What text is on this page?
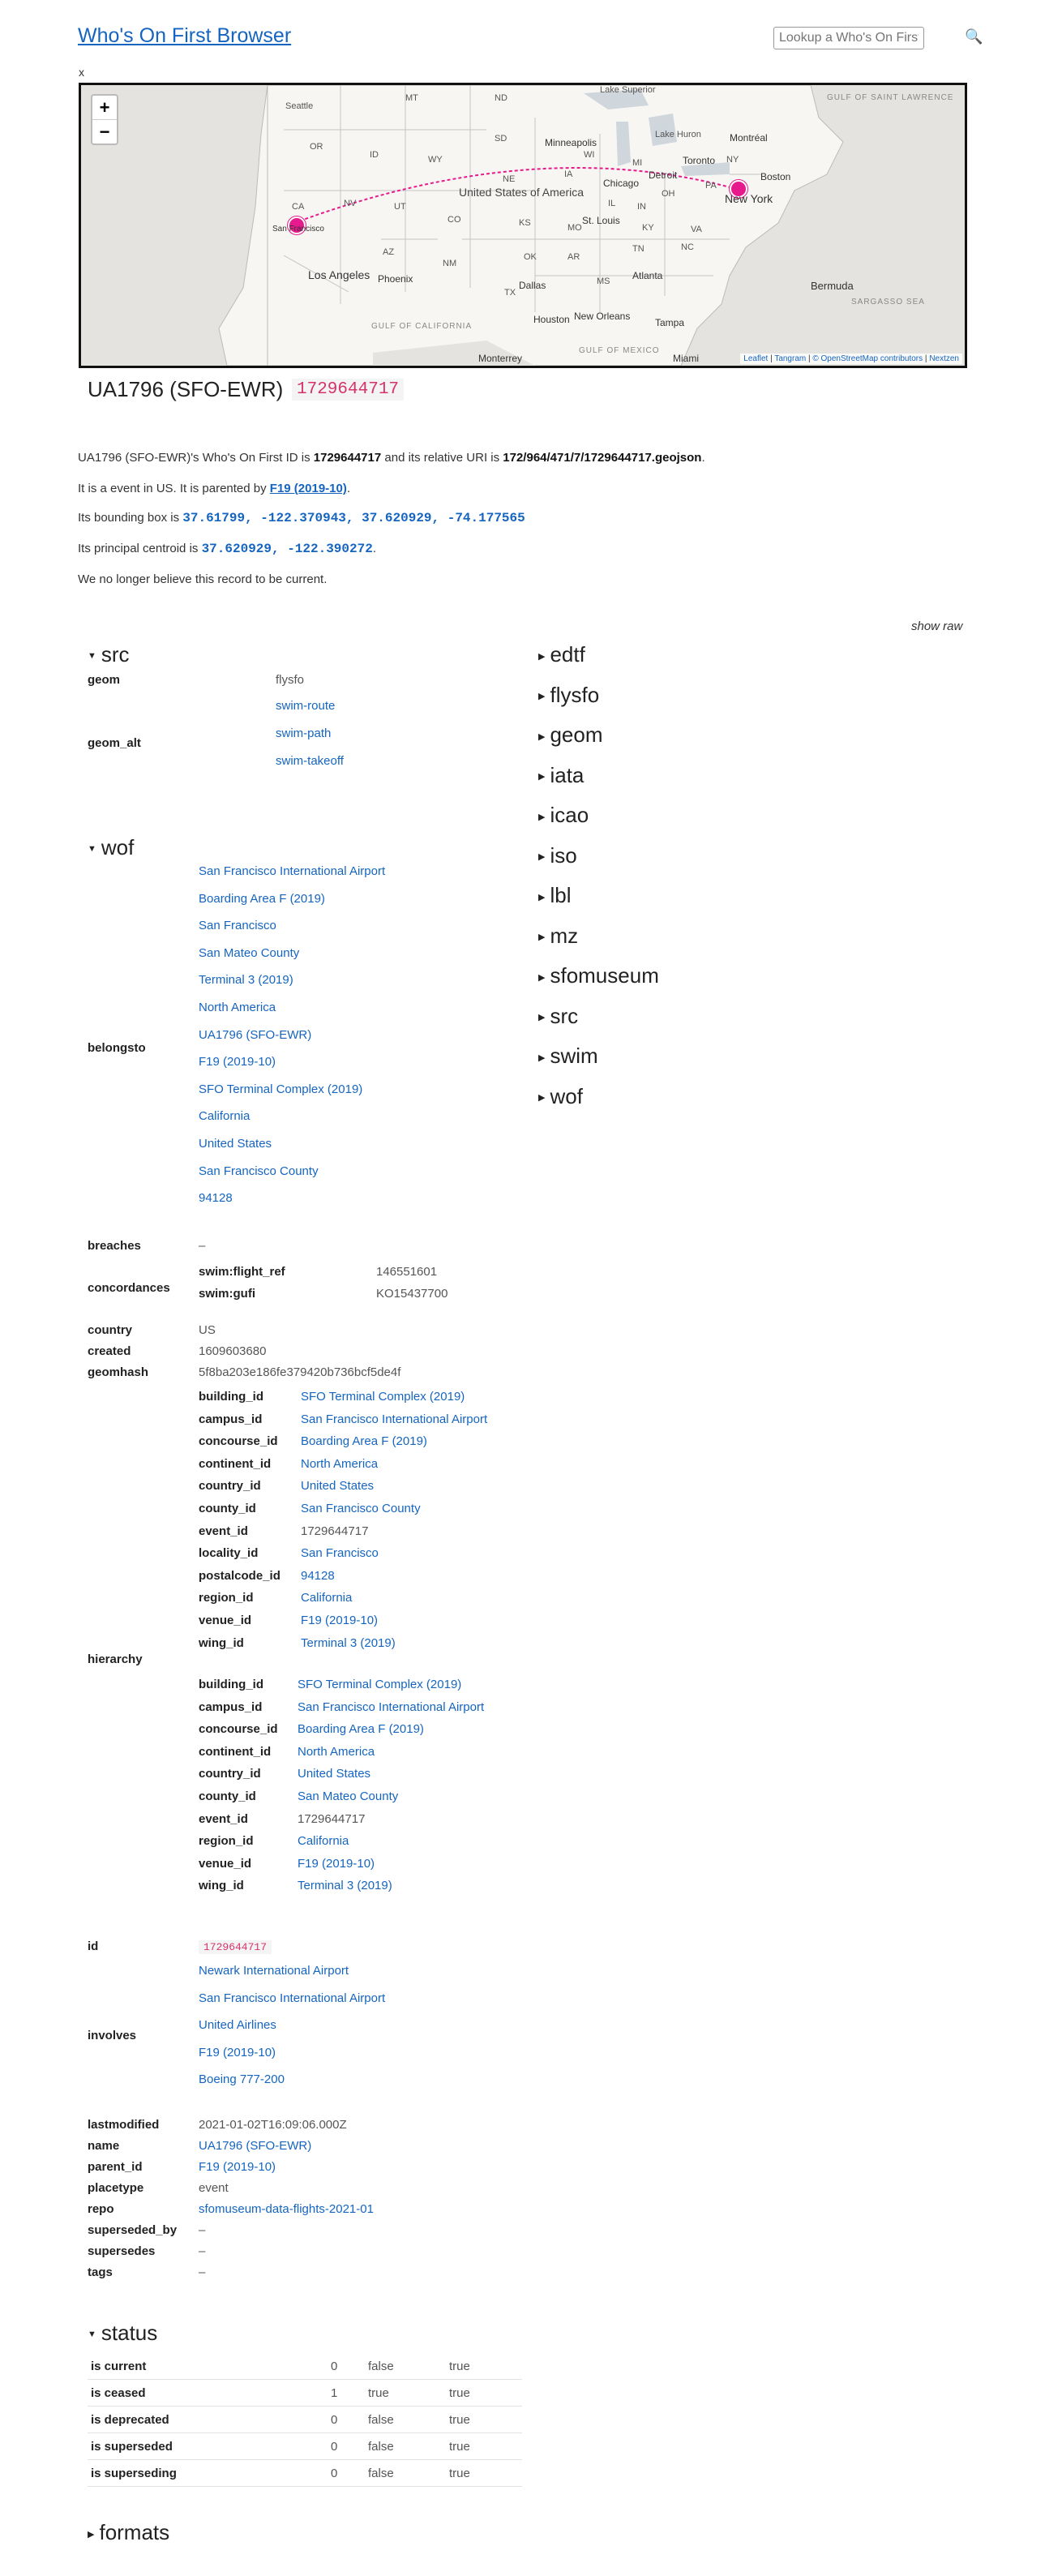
Who's On First Browser
Lookup a Who's On First ID	🔍
x
+
−
Seattle
Lake Superior
GULF OF SAINT LAWRENCE
Montréal
Minneapolis
Lake Huron
Toronto
Boston
Detroit
Chicago
United States of America
St. Louis
New York
San Francisco
Los Angeles Phoenix	Atlanta
Dallas	Bermuda
SARGASSO SEA
Houston New Orleans
Tampa
GULF OF CALIFORNIA
GULF OF MEXICO
Monterrey	Miami
OR
ID
MT	ND
SD
WY
NE
NV	UT
CO	KS
IA
MO
IL IN
OH
PA
NY
KY
TN	NC
VA
WI
MI
AZ
NM
OK	AR
MS
TX
CA
Leaflet | Tangram | © OpenStreetMap contributors | Nextzen
UA1796 (SFO-EWR) 1729644717
UA1796 (SFO-EWR)'s Who's On First ID is 1729644717 and its relative URI is 172/964/471/7/1729644717.geojson.
It is a event in US. It is parented by F19 (2019-10).
Its bounding box is 37.61799, -122.370943, 37.620929, -74.177565
Its principal centroid is 37.620929, -122.390272.
We no longer believe this record to be current.
show raw
▼ src
geom	flysfo
geom_alt
swim-route
swim-path
swim-takeoff
▶ edtf
▶ flysfo
▶ geom
▶ iata
▶ icao
▶ iso
▶ lbl
▶ mz
▶ sfomuseum
▶ src
▶ swim
▶ wof
▼ wof
belongsto
San Francisco International Airport
Boarding Area F (2019)
San Francisco
San Mateo County
Terminal 3 (2019)
North America
UA1796 (SFO-EWR)
F19 (2019-10)
SFO Terminal Complex (2019)
California
United States
San Francisco County
94128
breaches	–
concordances
swim:flight_ref	146551601
swim:gufi	KO15437700
country	US
created	1609603680
geomhash	5f8ba203e186fe379420b736bcf5de4f
hierarchy
building_id	SFO Terminal Complex (2019)
campus_id	San Francisco International Airport
concourse_id Boarding Area F (2019)
continent_id North America
country_id	United States
county_id	San Francisco County
event_id	1729644717
locality_id	San Francisco
postalcode_id 94128
region_id	California
venue_id	F19 (2019-10)
wing_id	Terminal 3 (2019)
building_id	SFO Terminal Complex (2019)
campus_id	San Francisco International Airport
concourse_id Boarding Area F (2019)
continent_id North America
country_id	United States
county_id	San Mateo County
event_id	1729644717
region_id	California
venue_id	F19 (2019-10)
wing_id	Terminal 3 (2019)
id	1729644717
involves
Newark International Airport
San Francisco International Airport
United Airlines
F19 (2019-10)
Boeing 777-200
lastmodified	2021-01-02T16:09:06.000Z
name	UA1796 (SFO-EWR)
parent_id	F19 (2019-10)
placetype	event
repo	sfomuseum-data-flights-2021-01
superseded_by –
supersedes	–
tags	–
▼ status
is current	0	false	true
is ceased	1	true	true
is deprecated	0	false	true
is superseded	0	false	true
is superseding	0	false	true
▶ formats
